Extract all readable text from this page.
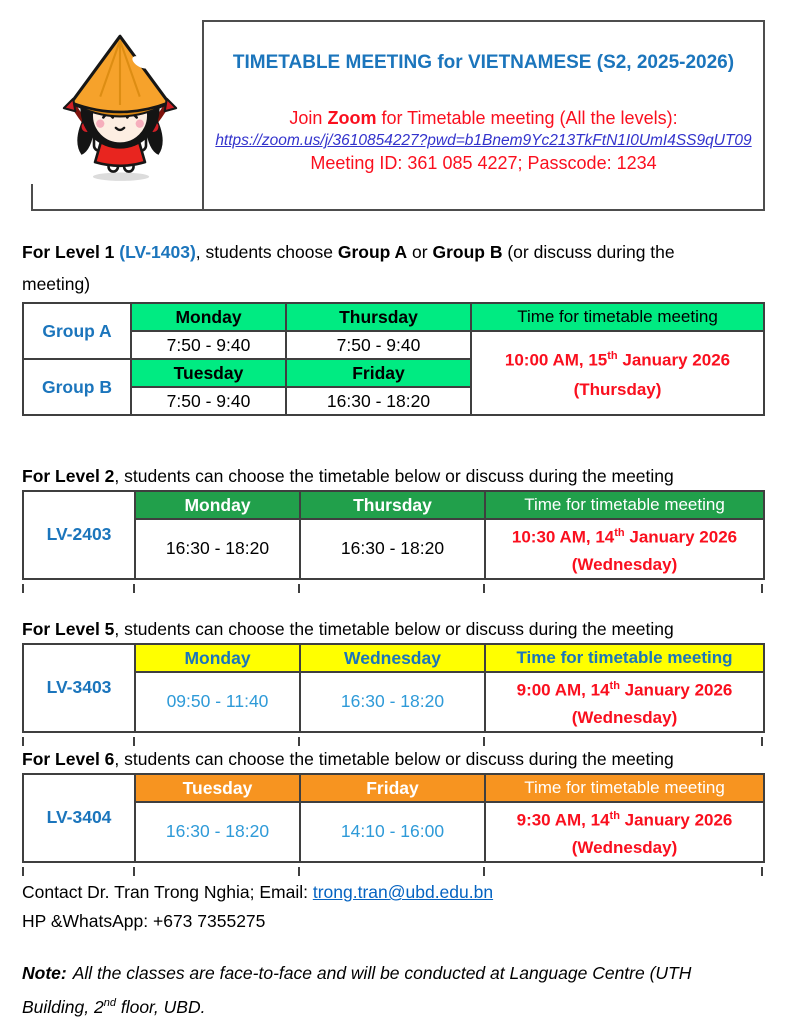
TIMETABLE MEETING for VIETNAMESE (S2, 2025-2026)
Join Zoom for Timetable meeting (All the levels):
https://zoom.us/j/3610854227?pwd=b1Bnem9Yc213TkFtN1I0UmI4SS9qUT09
Meeting ID: 361 085 4227; Passcode: 1234
For Level 1 (LV-1403), students choose Group A or Group B (or discuss during the meeting)
Group A	Monday	Thursday	Time for timetable meeting
	7:50 - 9:40	7:50 - 9:40	10:00 AM, 15th January 2026
(Thursday)
Group B	Tuesday	Friday	
	7:50 - 9:40	16:30 - 18:20	
For Level 2, students can choose the timetable below or discuss during the meeting
LV-2403	Monday	Thursday	Time for timetable meeting
	16:30 - 18:20	16:30 - 18:20	10:30 AM, 14th January 2026
(Wednesday)
For Level 5, students can choose the timetable below or discuss during the meeting
LV-3403	Monday	Wednesday	Time for timetable meeting
	09:50 - 11:40	16:30 - 18:20	9:00 AM, 14th January 2026
(Wednesday)
For Level 6, students can choose the timetable below or discuss during the meeting
LV-3404	Tuesday	Friday	Time for timetable meeting
	16:30 - 18:20	14:10 - 16:00	9:30 AM, 14th January 2026
(Wednesday)
Contact Dr. Tran Trong Nghia; Email: trong.tran@ubd.edu.bn
HP &WhatsApp: +673 7355275
Note: All the classes are face-to-face and will be conducted at Language Centre (UTH Building, 2nd floor, UBD.
